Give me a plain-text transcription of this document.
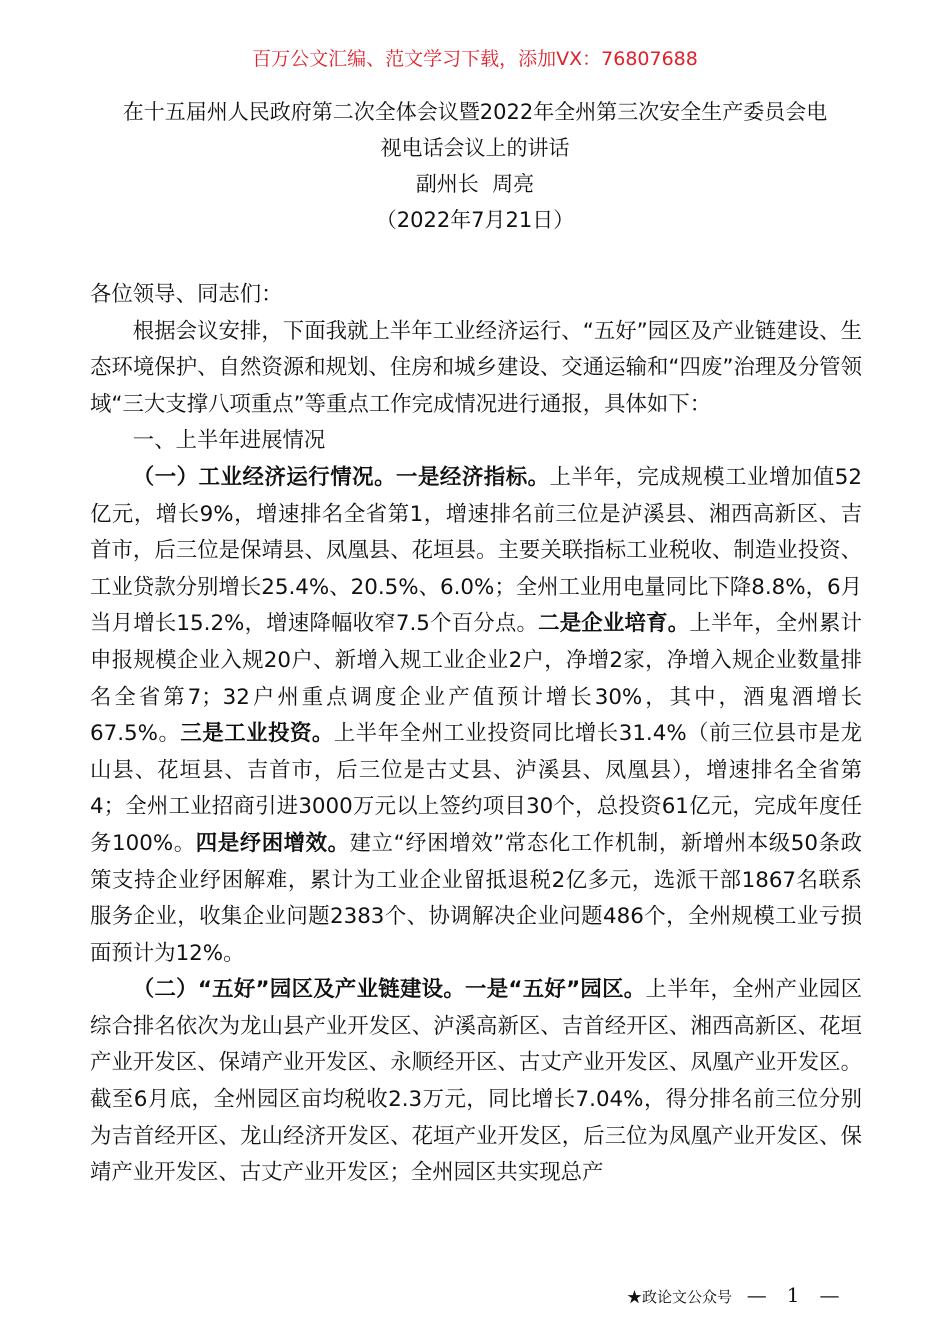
百万公文汇编、范文学习下载，添加VX：76807688
在十五届州人民政府第二次全体会议暨2022年全州第三次安全生产委员会电
视电话会议上的讲话
副州长  周亮
（2022年7月21日）

各位领导、同志们：

根据会议安排，下面我就上半年工业经济运行、“五好”园区及产业链建设、生态环境保护、自然资源和规划、住房和城乡建设、交通运输和“四废”治理及分管领域“三大支撑八项重点”等重点工作完成情况进行通报，具体如下：

一、上半年进展情况

（一）工业经济运行情况。一是经济指标。上半年，完成规模工业增加值52亿元，增长9%，增速排名全省第1，增速排名前三位是泸溪县、湘西高新区、吉首市，后三位是保靖县、凤凰县、花垣县。主要关联指标工业税收、制造业投资、工业贷款分别增长25.4%、20.5%、6.0%；全州工业用电量同比下降8.8%，6月当月增长15.2%，增速降幅收窄7.5个百分点。二是企业培育。上半年，全州累计申报规模企业入规20户、新增入规工业企业2户，净增2家，净增入规企业数量排名全省第7；32户州重点调度企业产值预计增长30%，其中，酒鬼酒增长67.5%。三是工业投资。上半年全州工业投资同比增长31.4%（前三位县市是龙山县、花垣县、吉首市，后三位是古丈县、泸溪县、凤凰县），增速排名全省第4；全州工业招商引进3000万元以上签约项目30个，总投资61亿元，完成年度任务100%。四是纾困增效。建立“纾困增效”常态化工作机制，新增州本级50条政策支持企业纾困解难，累计为工业企业留抵退税2亿多元，选派干部1867名联系服务企业，收集企业问题2383个、协调解决企业问题486个，全州规模工业亏损面预计为12%。

（二）“五好”园区及产业链建设。一是“五好”园区。上半年，全州产业园区综合排名依次为龙山县产业开发区、泸溪高新区、吉首经开区、湘西高新区、花垣产业开发区、保靖产业开发区、永顺经开区、古丈产业开发区、凤凰产业开发区。截至6月底，全州园区亩均税收2.3万元，同比增长7.04%，得分排名前三位分别为吉首经开区、龙山经济开发区、花垣产业开发区，后三位为凤凰产业开发区、保靖产业开发区、古丈产业开发区；全州园区共实现总产

★政论文公众号 — 1 —
